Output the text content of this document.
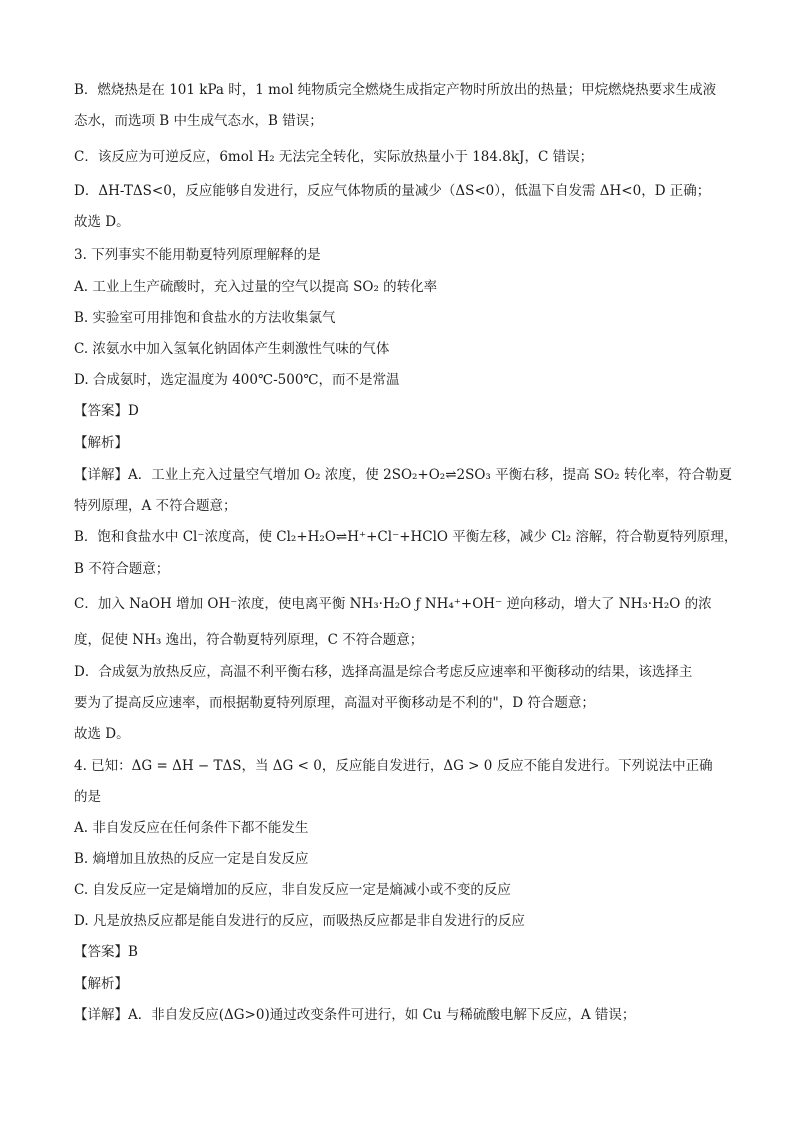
B．燃烧热是在 101 kPa 时，1 mol 纯物质完全燃烧生成指定产物时所放出的热量；甲烷燃烧热要求生成液
态水，而选项 B 中生成气态水，B 错误；
C．该反应为可逆反应，6mol H₂ 无法完全转化，实际放热量小于 184.8kJ，C 错误；
D．ΔH-TΔS<0，反应能够自发进行，反应气体物质的量减少（ΔS<0），低温下自发需 ΔH<0，D 正确；
故选 D。
3. 下列事实不能用勒夏特列原理解释的是
A. 工业上生产硫酸时，充入过量的空气以提高 SO₂ 的转化率
B. 实验室可用排饱和食盐水的方法收集氯气
C. 浓氨水中加入氢氧化钠固体产生刺激性气味的气体
D. 合成氨时，选定温度为 400℃-500℃，而不是常温
【答案】D
【解析】
【详解】A．工业上充入过量空气增加 O₂ 浓度，使 2SO₂+O₂⇌2SO₃ 平衡右移，提高 SO₂ 转化率，符合勒夏
特列原理，A 不符合题意；
B．饱和食盐水中 Cl⁻浓度高，使 Cl₂+H₂O⇌H⁺+Cl⁻+HClO 平衡左移，减少 Cl₂ 溶解，符合勒夏特列原理，
B 不符合题意；
C．加入 NaOH 增加 OH⁻浓度，使电离平衡 NH₃·H₂O ƒ NH₄⁺+OH⁻ 逆向移动，增大了 NH₃·H₂O 的浓
度，促使 NH₃ 逸出，符合勒夏特列原理，C 不符合题意；
D．合成氨为放热反应，高温不利平衡右移，选择高温是综合考虑反应速率和平衡移动的结果，该选择主
要为了提高反应速率，而根据勒夏特列原理，高温对平衡移动是不利的"，D 符合题意；
故选 D。
4. 已知：ΔG = ΔH − TΔS，当 ΔG < 0，反应能自发进行，ΔG > 0 反应不能自发进行。下列说法中正确
的是
A. 非自发反应在任何条件下都不能发生
B. 熵增加且放热的反应一定是自发反应
C. 自发反应一定是熵增加的反应，非自发反应一定是熵减小或不变的反应
D. 凡是放热反应都是能自发进行的反应，而吸热反应都是非自发进行的反应
【答案】B
【解析】
【详解】A．非自发反应(ΔG>0)通过改变条件可进行，如 Cu 与稀硫酸电解下反应，A 错误；
